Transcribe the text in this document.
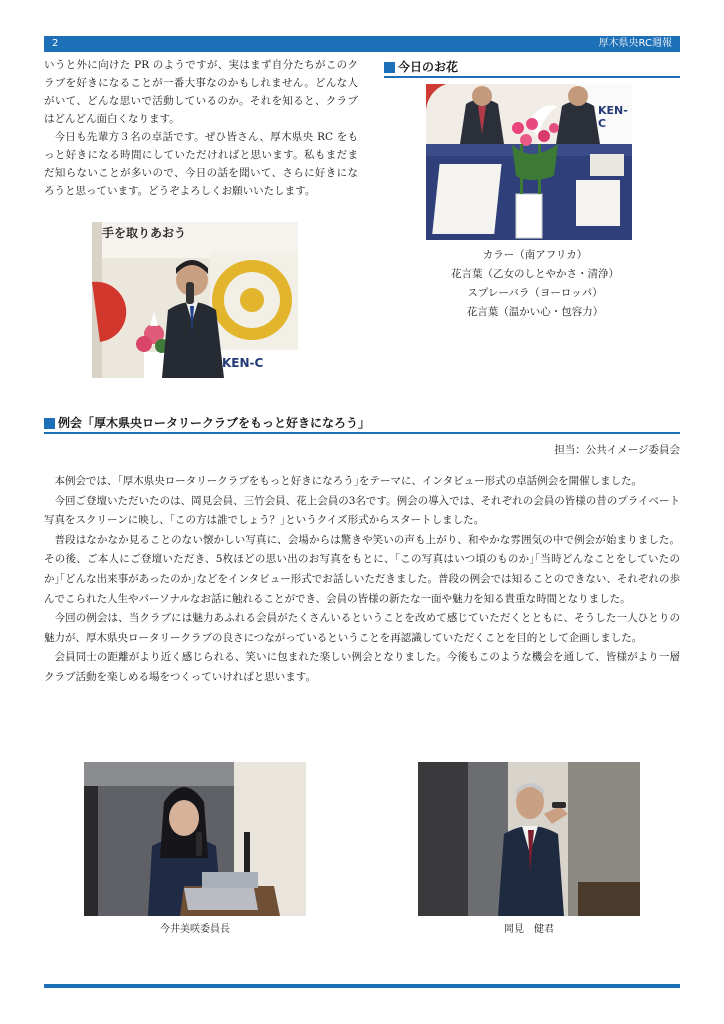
2	厚木県央RC週報

いうと外に向けた PR のようですが、実はまず自分たちがこのクラブを好きになることが一番大事なのかもしれません。どんな人がいて、どんな思いで活動しているのか。それを知ると、クラブはどんどん面白くなります。

今日も先輩方３名の卓話です。ぜひ皆さん、厚木県央 RC をもっと好きになる時間にしていただければと思います。私もまだまだ知らないことが多いので、今日の話を聞いて、さらに好きになろうと思っています。どうぞよろしくお願いいたします。

手を取りあおう
KEN-C
今日のお花
KEN-C
カラー（南アフリカ）
花言葉（乙女のしとやかさ・清浄）
スプレーバラ（ヨーロッパ）
花言葉（温かい心・包容力）
例会「厚木県央ロータリークラブをもっと好きになろう」
担当：公共イメージ委員会

本例会では、｢厚木県央ロータリークラブをもっと好きになろう｣をテーマに、インタビュー形式の卓話例会を開催しました。

今回ご登壇いただいたのは、岡見会員、三竹会員、花上会員の3名です。例会の導入では、それぞれの会員の皆様の昔のプライベート写真をスクリーンに映し、｢この方は誰でしょう？｣というクイズ形式からスタートしました。

普段はなかなか見ることのない懐かしい写真に、会場からは驚きや笑いの声も上がり、和やかな雰囲気の中で例会が始まりました。その後、ご本人にご登壇いただき、5枚ほどの思い出のお写真をもとに、｢この写真はいつ頃のものか｣｢当時どんなことをしていたのか｣｢どんな出来事があったのか｣などをインタビュー形式でお話しいただきました。普段の例会では知ることのできない、それぞれの歩んでこられた人生やパーソナルなお話に触れることができ、会員の皆様の新たな一面や魅力を知る貴重な時間となりました。

今回の例会は、当クラブには魅力あふれる会員がたくさんいるということを改めて感じていただくとともに、そうした一人ひとりの魅力が、厚木県央ロータリークラブの良さにつながっているということを再認識していただくことを目的として企画しました。

会員同士の距離がより近く感じられる、笑いに包まれた楽しい例会となりました。今後もこのような機会を通して、皆様がより一層クラブ活動を楽しめる場をつくっていければと思います。

今井美咲委員長	岡見　健君
